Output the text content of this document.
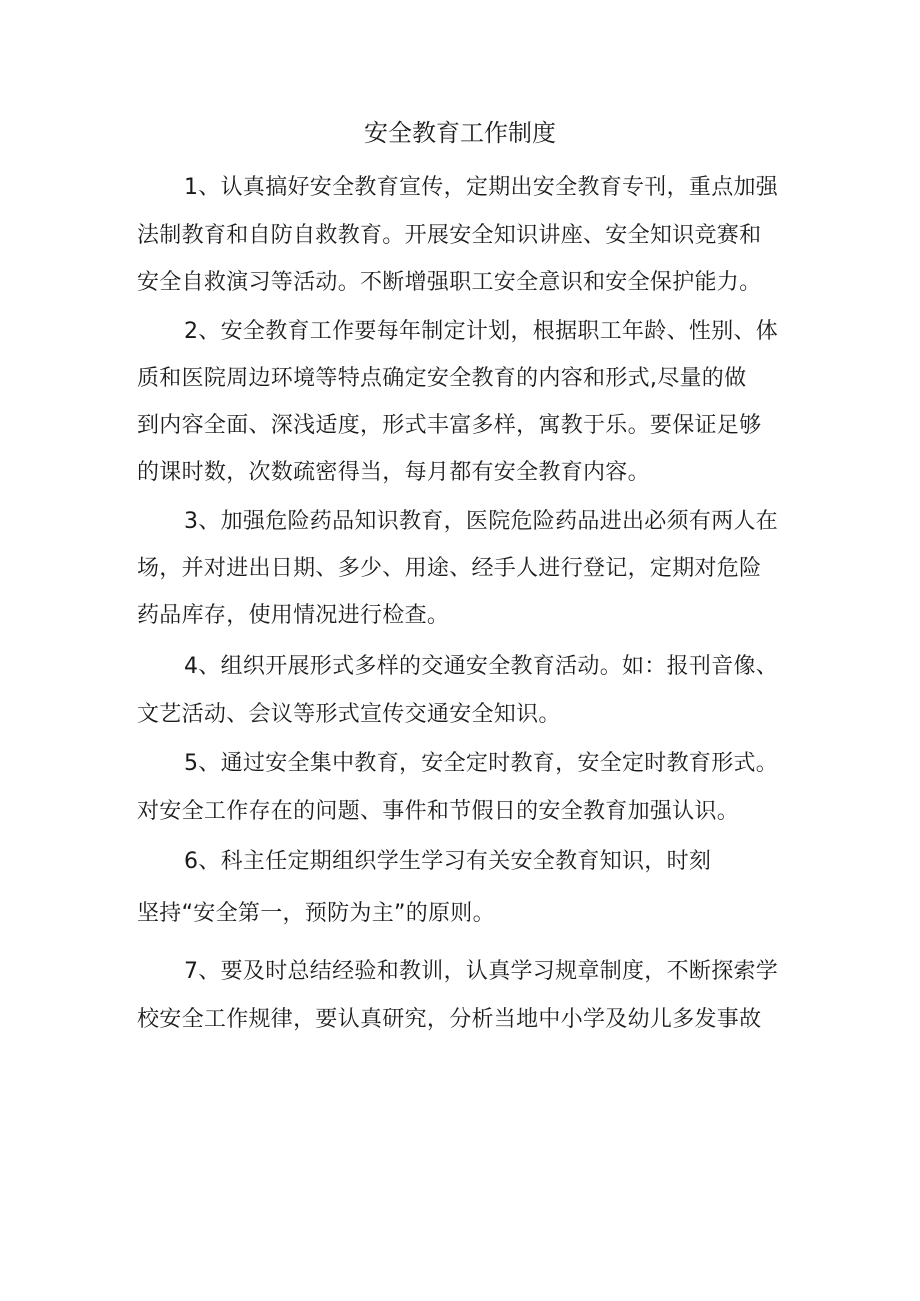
安全教育工作制度
1、认真搞好安全教育宣传，定期出安全教育专刊，重点加强
法制教育和自防自救教育。开展安全知识讲座、安全知识竞赛和
安全自救演习等活动。不断增强职工安全意识和安全保护能力。
2、安全教育工作要每年制定计划，根据职工年龄、性别、体
质和医院周边环境等特点确定安全教育的内容和形式,尽量的做
到内容全面、深浅适度，形式丰富多样，寓教于乐。要保证足够
的课时数，次数疏密得当，每月都有安全教育内容。
3、加强危险药品知识教育，医院危险药品进出必须有两人在
场，并对进出日期、多少、用途、经手人进行登记，定期对危险
药品库存，使用情况进行检查。
4、组织开展形式多样的交通安全教育活动。如：报刊音像、
文艺活动、会议等形式宣传交通安全知识。
5、通过安全集中教育，安全定时教育，安全定时教育形式。
对安全工作存在的问题、事件和节假日的安全教育加强认识。
6、科主任定期组织学生学习有关安全教育知识，时刻
坚持“安全第一，预防为主”的原则。
7、要及时总结经验和教训，认真学习规章制度，不断探索学
校安全工作规律，要认真研究，分析当地中小学及幼儿多发事故
